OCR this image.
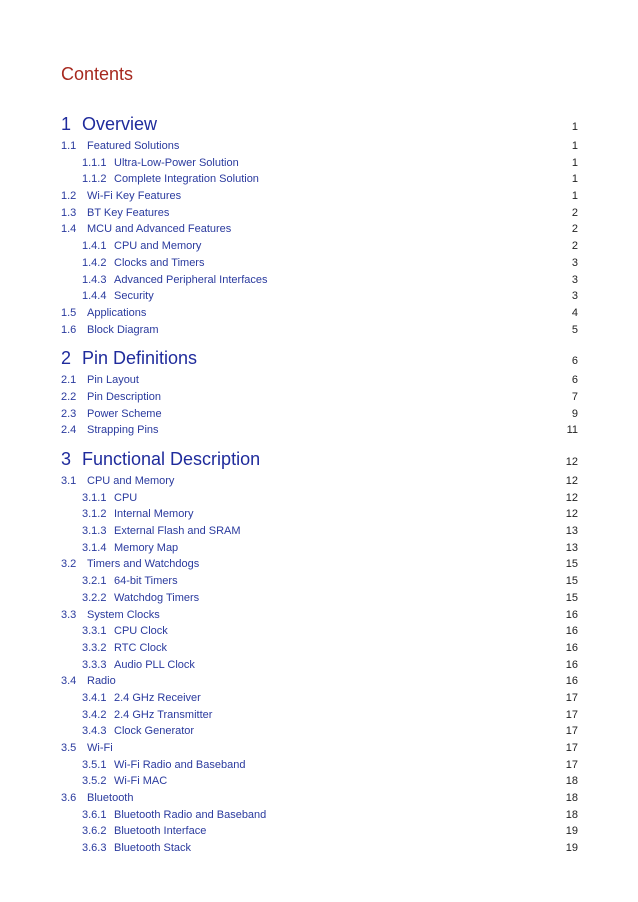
Contents
1 Overview	1
1.1 Featured Solutions	1
1.1.1 Ultra-Low-Power Solution	1
1.1.2 Complete Integration Solution	1
1.2 Wi-Fi Key Features	1
1.3 BT Key Features	2
1.4 MCU and Advanced Features	2
1.4.1 CPU and Memory	2
1.4.2 Clocks and Timers	3
1.4.3 Advanced Peripheral Interfaces	3
1.4.4 Security	3
1.5 Applications	4
1.6 Block Diagram	5
2 Pin Definitions	6
2.1 Pin Layout	6
2.2 Pin Description	7
2.3 Power Scheme	9
2.4 Strapping Pins	11
3 Functional Description	12
3.1 CPU and Memory	12
3.1.1 CPU	12
3.1.2 Internal Memory	12
3.1.3 External Flash and SRAM	13
3.1.4 Memory Map	13
3.2 Timers and Watchdogs	15
3.2.1 64-bit Timers	15
3.2.2 Watchdog Timers	15
3.3 System Clocks	16
3.3.1 CPU Clock	16
3.3.2 RTC Clock	16
3.3.3 Audio PLL Clock	16
3.4 Radio	16
3.4.1 2.4 GHz Receiver	17
3.4.2 2.4 GHz Transmitter	17
3.4.3 Clock Generator	17
3.5 Wi-Fi	17
3.5.1 Wi-Fi Radio and Baseband	17
3.5.2 Wi-Fi MAC	18
3.6 Bluetooth	18
3.6.1 Bluetooth Radio and Baseband	18
3.6.2 Bluetooth Interface	19
3.6.3 Bluetooth Stack	19
